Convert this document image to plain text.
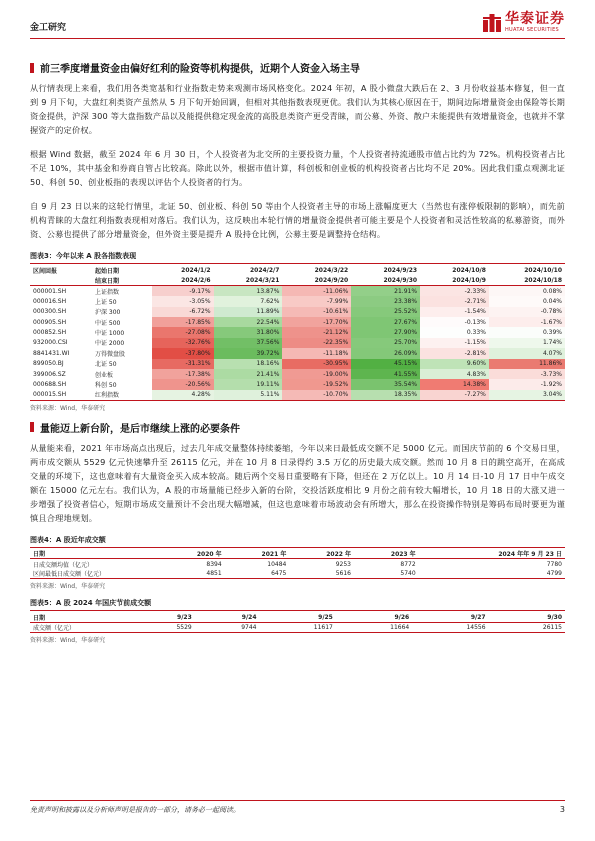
金工研究
华泰证券
HUATAI SECURITIES
前三季度增量资金由偏好红利的险资等机构提供，近期个人资金入场主导

从行情表现上来看，我们用各类宽基和行业指数走势来观测市场风格变化。2024 年初，A 股小微盘大跌后在 2、3 月份收益基本修复，但一直到 9 月下旬，大盘红利类资产虽然从 5 月下旬开始回调，但相对其他指数表现更优。我们认为其核心原因在于，期间边际增量资金由保险等长期资金提供，沪深 300 等大盘指数产品以及能提供稳定现金流的高股息类资产更受青睐，而公募、外资、散户未能提供有效增量资金，也就并不掌握资产的定价权。

根据 Wind 数据，截至 2024 年 6 月 30 日，个人投资者为北交所的主要投资力量，个人投资者持流通股市值占比约为 72%。机构投资者占比不足 10%，其中基金和券商自管占比较高。除此以外，根据市值计算，科创板和创业板的机构投资者占比均不足 20%。因此我们重点观测北证 50、科创 50、创业板指的表现以评估个人投资者的行为。

自 9 月 23 日以来的这轮行情里，北证 50、创业板、科创 50 等由个人投资者主导的市场上涨幅度更大（当然也有涨停板限制的影响），而先前机构青睐的大盘红利指数表现相对落后。我们认为，这反映出本轮行情的增量资金提供者可能主要是个人投资者和灵活性较高的私募游资，而外资、公募也提供了部分增量资金，但外资主要是提升 A 股持仓比例，公募主要是调整持仓结构。

图表3：今年以来 A 股各指数表现
区间回报	起始日期	2024/1/2	2024/2/7	2024/3/22	2024/9/23	2024/10/8	2024/10/10
	结束日期	2024/2/6	2024/3/21	2024/9/20	2024/9/30	2024/10/9	2024/10/18
000001.SH	上证指数	-9.17%	13.87%	-11.06%	21.91%	-2.33%	0.08%
000016.SH	上证 50	-3.05%	7.62%	-7.99%	23.38%	-2.71%	0.04%
000300.SH	沪深 300	-6.72%	11.89%	-10.61%	25.52%	-1.54%	-0.78%
000905.SH	中证 500	-17.85%	22.54%	-17.70%	27.67%	-0.13%	-1.67%
000852.SH	中证 1000	-27.08%	31.80%	-21.12%	27.90%	0.33%	0.39%
932000.CSI	中证 2000	-32.76%	37.56%	-22.35%	25.70%	-1.15%	1.74%
8841431.WI	万得微盘股	-37.80%	39.72%	-11.18%	26.09%	-2.81%	4.07%
899050.BJ	北证 50	-31.31%	18.16%	-30.95%	45.15%	9.60%	11.86%
399006.SZ	创业板	-17.38%	21.41%	-19.00%	41.55%	4.83%	-3.73%
000688.SH	科创 50	-20.56%	19.11%	-19.52%	35.54%	14.38%	-1.92%
000015.SH	红利指数	4.28%	5.11%	-10.70%	18.35%	-7.27%	3.04%
资料来源：Wind，华泰研究
量能迈上新台阶，是后市继续上涨的必要条件

从量能来看，2021 年市场高点出现后，过去几年成交量整体持续萎缩，今年以来日最低成交额不足 5000 亿元。而国庆节前的 6 个交易日里，两市成交额从 5529 亿元快速攀升至 26115 亿元，并在 10 月 8 日录得约 3.5 万亿的历史最大成交额。然而 10 月 8 日的跳空高开，在高成交量的环境下，这也意味着有大量资金买入成本较高。随后两个交易日重要略有下降，但还在 2 万亿以上。10 月 14 日-10 月 17 日中午成交额在 15000 亿元左右。我们认为，A 股的市场量能已经步入新的台阶，交投活跃度相比 9 月份之前有较大幅增长，10 月 18 日的大涨又进一步增强了投资者信心，短期市场成交量预计不会出现大幅增减，但这也意味着市场波动会有所增大，那么在投资操作特别是筹码布局时要更为谨慎且合理地规划。

图表4：A 股近年成交额
日期	2020 年	2021 年	2022 年	2023 年	2024 年年 9 月 23 日
日成交额均值（亿元）	8394	10484	9253	8772	7780
区间最低日成交额（亿元）	4851	6475	5616	5740	4799
资料来源：Wind，华泰研究
图表5：A 股 2024 年国庆节前成交额
日期	9/23	9/24	9/25	9/26	9/27	9/30
成交额（亿元）	5529	9744	11617	11664	14556	26115
资料来源：Wind，华泰研究
免责声明和披露以及分析师声明是报告的一部分，请务必一起阅读。	3
